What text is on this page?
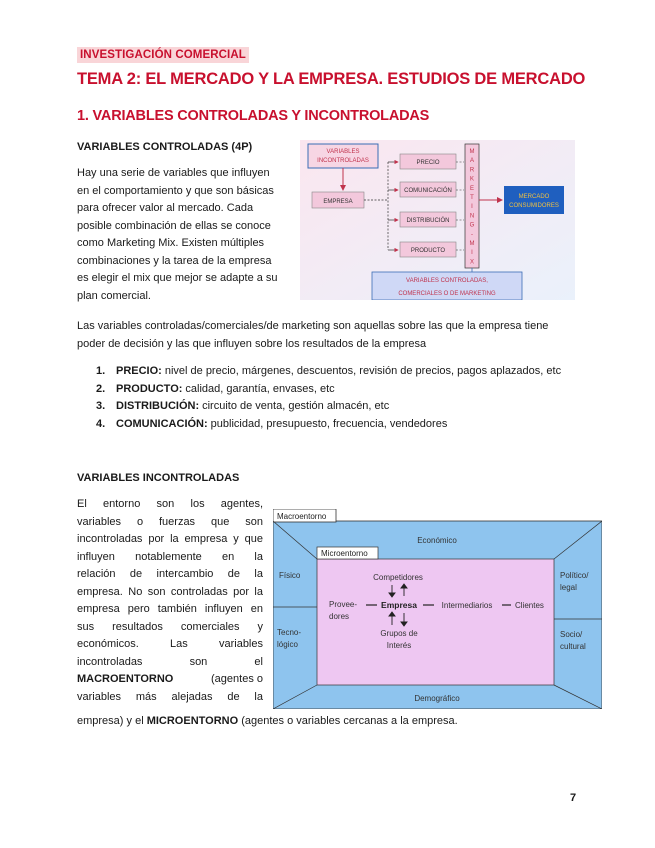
INVESTIGACIÓN COMERCIAL
TEMA 2: EL MERCADO Y LA EMPRESA. ESTUDIOS DE MERCADO
1. VARIABLES CONTROLADAS Y INCONTROLADAS
VARIABLES CONTROLADAS (4P)
Hay una serie de variables que influyen
en el comportamiento y que son básicas
para ofrecer valor al mercado. Cada
posible combinación de ellas se conoce
como Marketing Mix. Existen múltiples
combinaciones y la tarea de la empresa
es elegir el mix que mejor se adapte a su
plan comercial.
VARIABLES
INCONTROLADAS
EMPRESA
PRECIO
COMUNICACIÓN
DISTRIBUCIÓN
PRODUCTO
M
A
R
K
E
T
I
N
G
-
M
I
X
MERCADO
CONSUMIDORES
VARIABLES CONTROLADAS,
COMERCIALES O DE MARKETING
Las variables controladas/comerciales/de marketing son aquellas sobre las que la empresa tiene
poder de decisión y las que influyen sobre los resultados de la empresa
1. PRECIO: nivel de precio, márgenes, descuentos, revisión de precios, pagos aplazados, etc
2. PRODUCTO: calidad, garantía, envases, etc
3. DISTRIBUCIÓN: circuito de venta, gestión almacén, etc
4. COMUNICACIÓN: publicidad, presupuesto, frecuencia, vendedores
VARIABLES INCONTROLADAS
El entorno son los agentes,
variables o fuerzas que son
incontroladas por la empresa y que
influyen notablemente en la
relación de intercambio de la
empresa. No son controladas por la
empresa pero también influyen en
sus resultados comerciales y
económicos. Las variables
incontroladas son el
MACROENTORNO	(agentes o
variables más alejadas de la
empresa) y el MICROENTORNO (agentes o variables cercanas a la empresa.
Macroentorno
Microentorno
Económico
Demográfico
Físico
Tecno-
lógico
Político/
legal
Socio/
cultural
Competidores
Provee-
dores
Empresa	Intermediarios	Clientes
Grupos de
Interés
7
